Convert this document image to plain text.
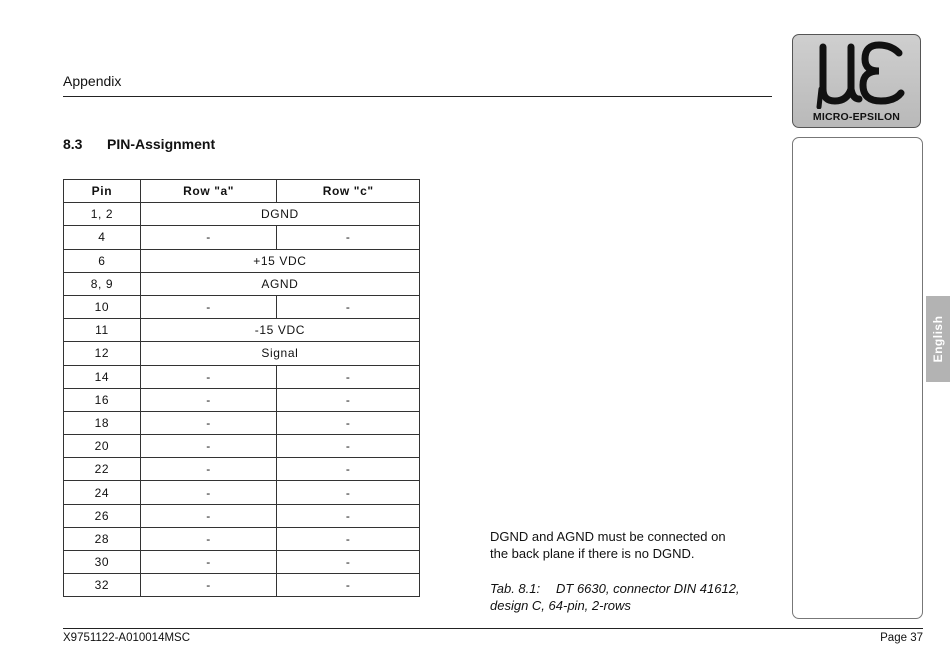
Appendix
MICRO-EPSILON
English
8.3 PIN-Assignment
Pin	Row "a"	Row "c"
1, 2	DGND	
4	-	-
6	+15 VDC	
8, 9	AGND	
10	-	-
11	-15 VDC	
12	Signal	
14	-	-
16	-	-
18	-	-
20	-	-
22	-	-
24	-	-
26	-	-
28	-	-
30	-	-
32	-	-
DGND and AGND must be connected on
the back plane if there is no DGND.
Tab. 8.1: DT 6630, connector DIN 41612,
design C, 64-pin, 2-rows
X9751122-A010014MSC	Page 37
